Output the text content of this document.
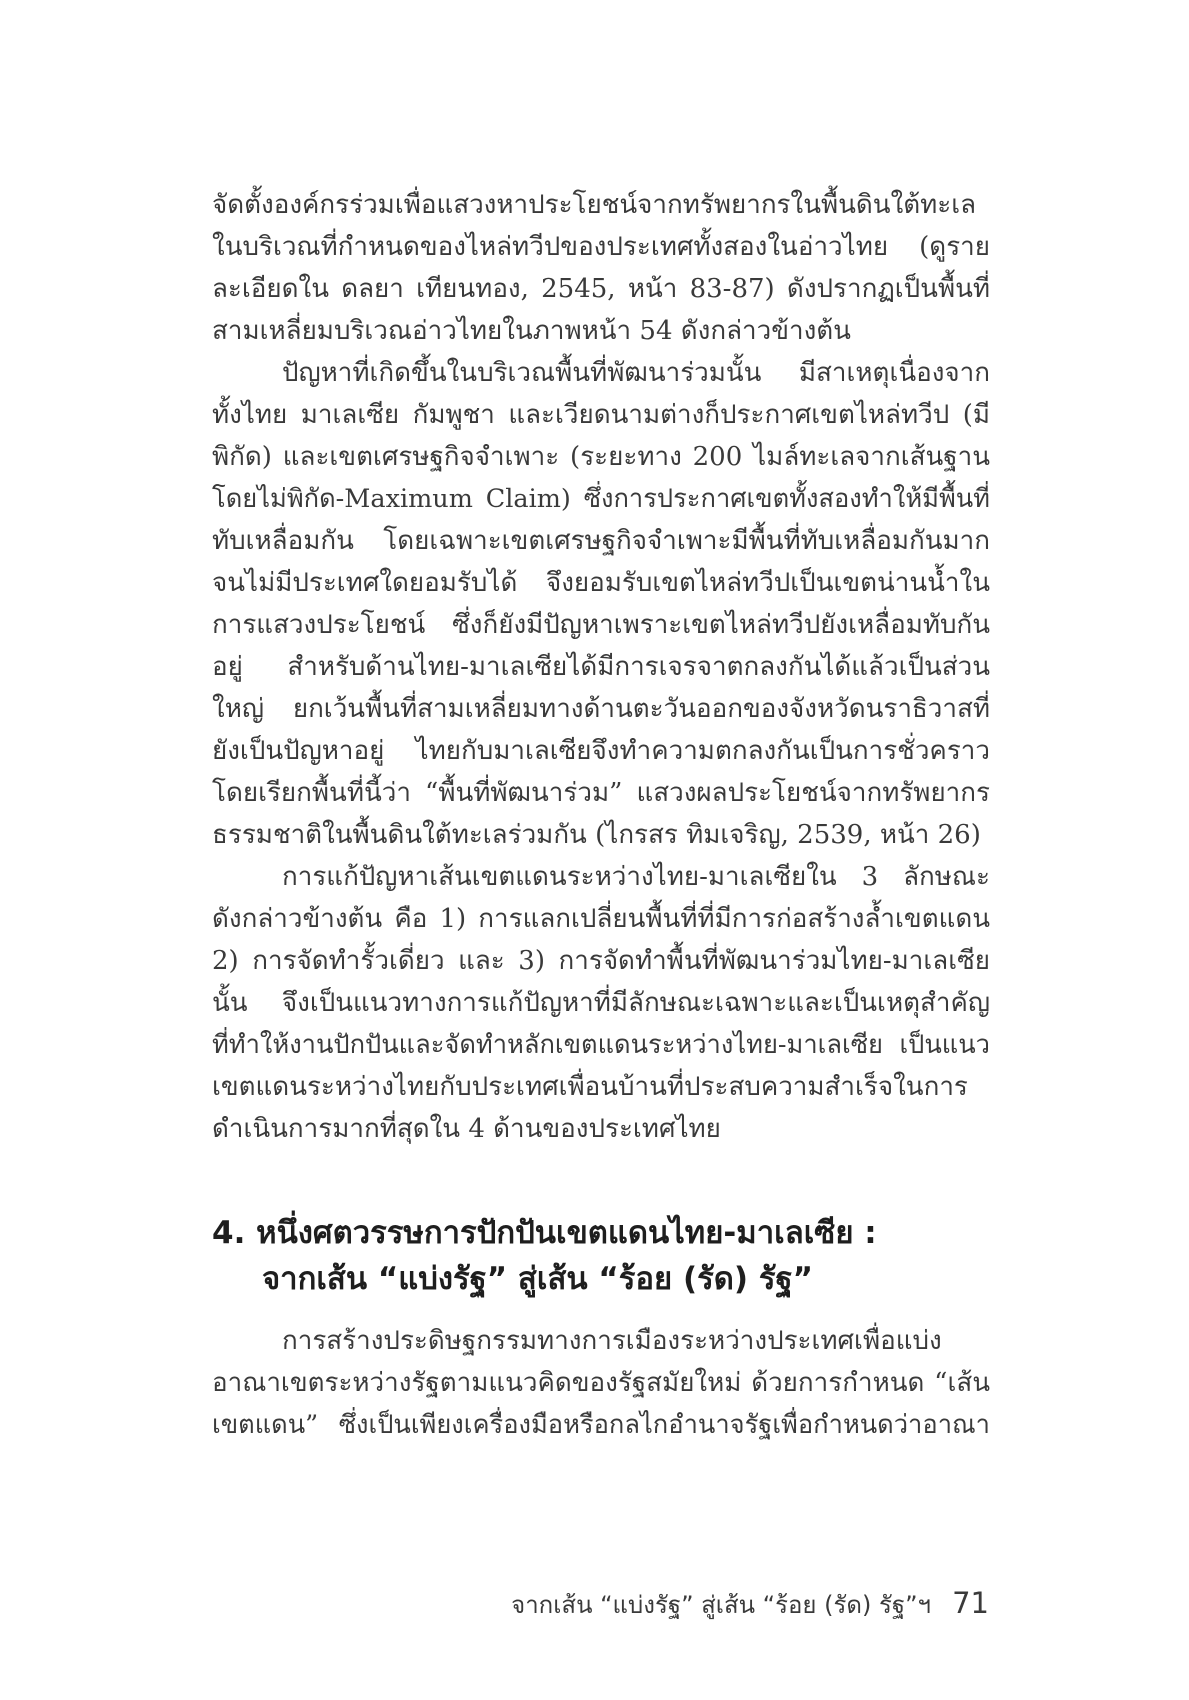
จัดตั้งองค์กรร่วมเพื่อแสวงหาประโยชน์จากทรัพยากรในพื้นดินใต้ทะเล
ในบริเวณที่กำหนดของไหล่ทวีปของประเทศทั้งสองในอ่าวไทย (ดูราย
ละเอียดใน ดลยา เทียนทอง, 2545, หน้า 83-87) ดังปรากฏเป็นพื้นที่
สามเหลี่ยมบริเวณอ่าวไทยในภาพหน้า 54 ดังกล่าวข้างต้น
ปัญหาที่เกิดขึ้นในบริเวณพื้นที่พัฒนาร่วมนั้น มีสาเหตุเนื่องจาก
ทั้งไทย มาเลเซีย กัมพูชา และเวียดนามต่างก็ประกาศเขตไหล่ทวีป (มี
พิกัด) และเขตเศรษฐกิจจำเพาะ (ระยะทาง 200 ไมล์ทะเลจากเส้นฐาน
โดยไม่พิกัด-Maximum Claim) ซึ่งการประกาศเขตทั้งสองทำให้มีพื้นที่
ทับเหลื่อมกัน โดยเฉพาะเขตเศรษฐกิจจำเพาะมีพื้นที่ทับเหลื่อมกันมาก
จนไม่มีประเทศใดยอมรับได้ จึงยอมรับเขตไหล่ทวีปเป็นเขตน่านน้ำใน
การแสวงประโยชน์ ซึ่งก็ยังมีปัญหาเพราะเขตไหล่ทวีปยังเหลื่อมทับกัน
อยู่ สำหรับด้านไทย-มาเลเซียได้มีการเจรจาตกลงกันได้แล้วเป็นส่วน
ใหญ่ ยกเว้นพื้นที่สามเหลี่ยมทางด้านตะวันออกของจังหวัดนราธิวาสที่
ยังเป็นปัญหาอยู่ ไทยกับมาเลเซียจึงทำความตกลงกันเป็นการชั่วคราว
โดยเรียกพื้นที่นี้ว่า “พื้นที่พัฒนาร่วม” แสวงผลประโยชน์จากทรัพยากร
ธรรมชาติในพื้นดินใต้ทะเลร่วมกัน (ไกรสร ทิมเจริญ, 2539, หน้า 26)
การแก้ปัญหาเส้นเขตแดนระหว่างไทย-มาเลเซียใน 3 ลักษณะ
ดังกล่าวข้างต้น คือ 1) การแลกเปลี่ยนพื้นที่ที่มีการก่อสร้างล้ำเขตแดน
2) การจัดทำรั้วเดี่ยว และ 3) การจัดทำพื้นที่พัฒนาร่วมไทย-มาเลเซีย
นั้น จึงเป็นแนวทางการแก้ปัญหาที่มีลักษณะเฉพาะและเป็นเหตุสำคัญ
ที่ทำให้งานปักปันและจัดทำหลักเขตแดนระหว่างไทย-มาเลเซีย เป็นแนว
เขตแดนระหว่างไทยกับประเทศเพื่อนบ้านที่ประสบความสำเร็จในการ
ดำเนินการมากที่สุดใน 4 ด้านของประเทศไทย
4. หนึ่งศตวรรษการปักปันเขตแดนไทย-มาเลเซีย :
จากเส้น “แบ่งรัฐ” สู่เส้น “ร้อย (รัด) รัฐ”
การสร้างประดิษฐกรรมทางการเมืองระหว่างประเทศเพื่อแบ่ง
อาณาเขตระหว่างรัฐตามแนวคิดของรัฐสมัยใหม่ ด้วยการกำหนด “เส้น
เขตแดน” ซึ่งเป็นเพียงเครื่องมือหรือกลไกอำนาจรัฐเพื่อกำหนดว่าอาณา
จากเส้น “แบ่งรัฐ” สู่เส้น “ร้อย (รัด) รัฐ”ฯ 71
